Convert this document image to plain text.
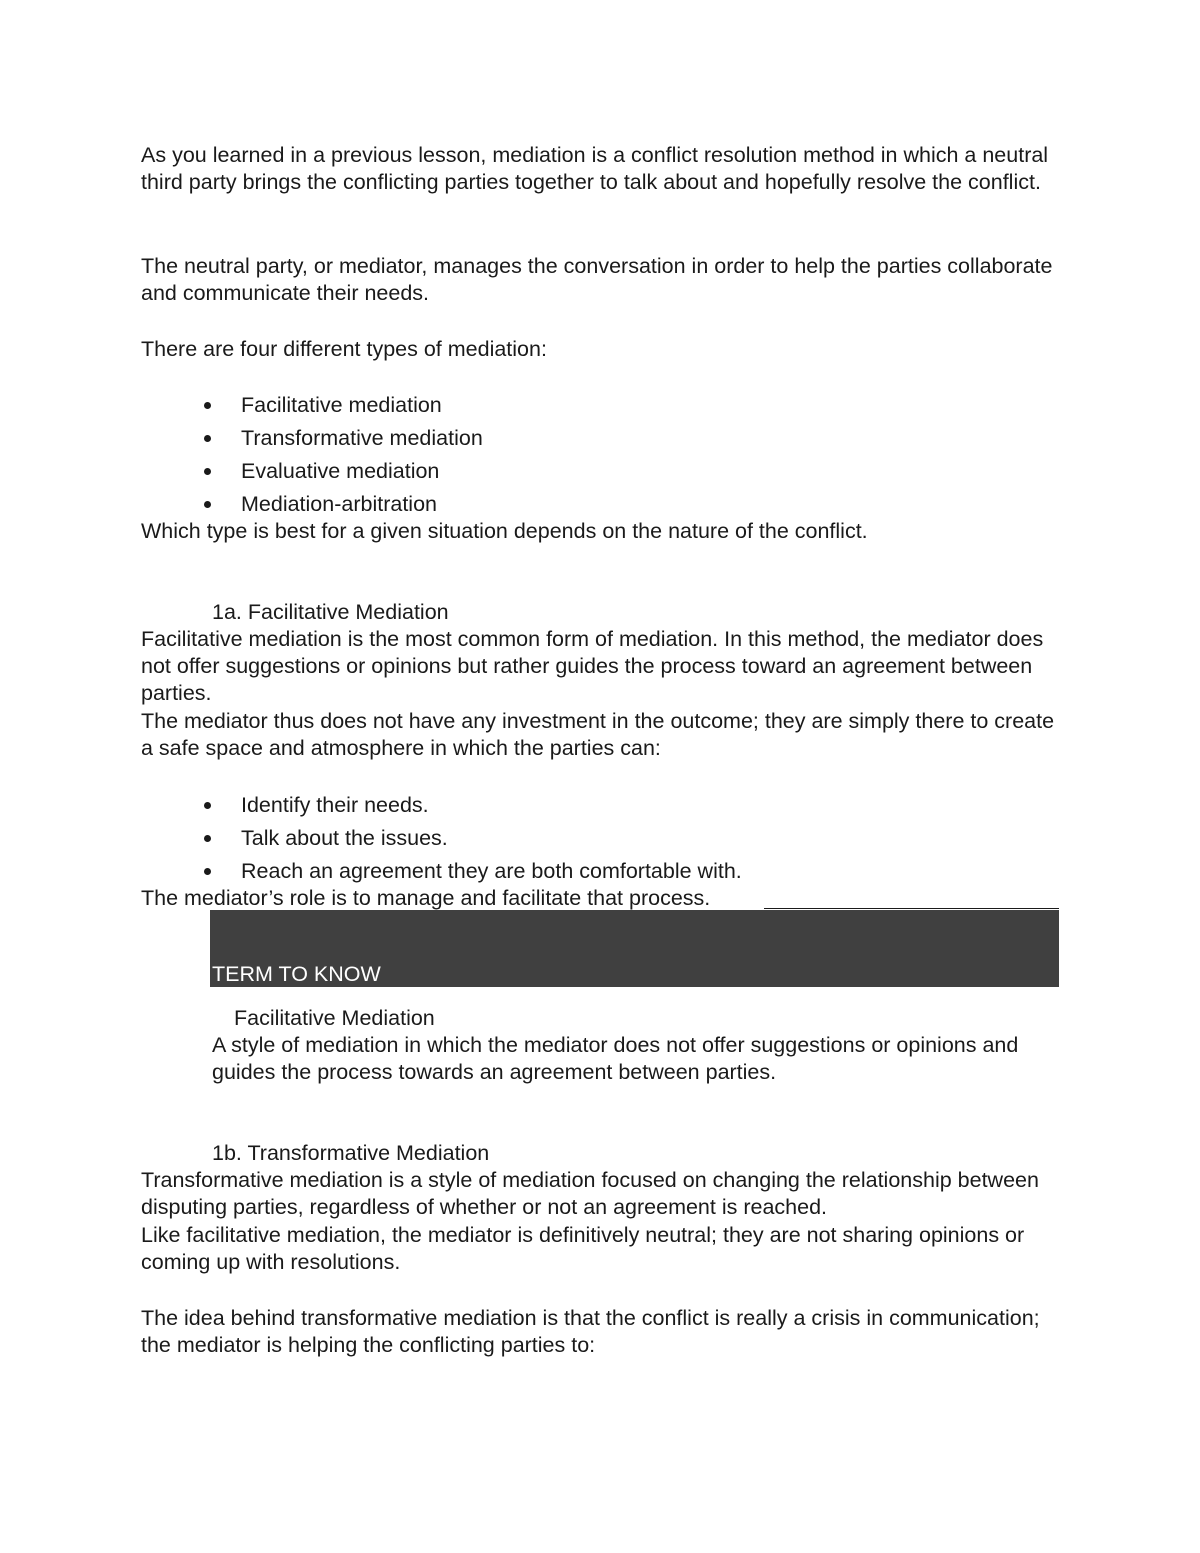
As you learned in a previous lesson, mediation is a conflict resolution method in which a neutral third party brings the conflicting parties together to talk about and hopefully resolve the conflict.

The neutral party, or mediator, manages the conversation in order to help the parties collaborate and communicate their needs.

There are four different types of mediation:

Facilitative mediation
Transformative mediation
Evaluative mediation
Mediation-arbitration

Which type is best for a given situation depends on the nature of the conflict.

1a. Facilitative Mediation

Facilitative mediation is the most common form of mediation. In this method, the mediator does not offer suggestions or opinions but rather guides the process toward an agreement between parties.

The mediator thus does not have any investment in the outcome; they are simply there to create a safe space and atmosphere in which the parties can:

Identify their needs.
Talk about the issues.
Reach an agreement they are both comfortable with.

The mediator’s role is to manage and facilitate that process.

TERM TO KNOW

Facilitative Mediation

A style of mediation in which the mediator does not offer suggestions or opinions and guides the process towards an agreement between parties.

1b. Transformative Mediation

Transformative mediation is a style of mediation focused on changing the relationship between disputing parties, regardless of whether or not an agreement is reached.

Like facilitative mediation, the mediator is definitively neutral; they are not sharing opinions or coming up with resolutions.

The idea behind transformative mediation is that the conflict is really a crisis in communication; the mediator is helping the conflicting parties to:
